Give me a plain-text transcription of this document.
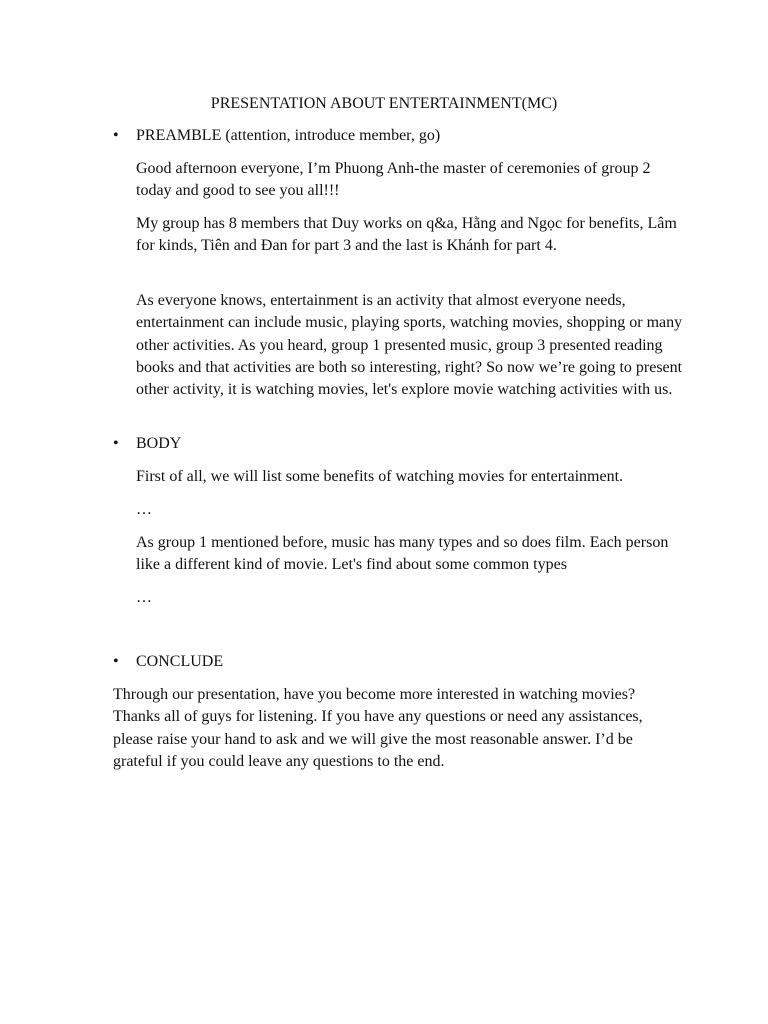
PRESENTATION ABOUT ENTERTAINMENT(MC)
• PREAMBLE (attention, introduce member, go)
Good afternoon everyone, I’m Phuong Anh-the master of ceremonies of group 2 today and good to see you all!!!
My group has 8 members that Duy works on q&a, Hằng and Ngọc for benefits, Lâm for kinds, Tiên and Đan for part 3 and the last is Khánh for part 4.
As everyone knows, entertainment is an activity that almost everyone needs, entertainment can include music, playing sports, watching movies, shopping or many other activities. As you heard, group 1 presented music, group 3 presented reading books and that activities are both so interesting, right? So now we’re going to present other activity, it is watching movies, let's explore movie watching activities with us.
• BODY
First of all, we will list some benefits of watching movies for entertainment.
…
As group 1 mentioned before, music has many types and so does film. Each person like a different kind of movie. Let's find about some common types
…
• CONCLUDE
Through our presentation, have you become more interested in watching movies? Thanks all of guys for listening. If you have any questions or need any assistances, please raise your hand to ask and we will give the most reasonable answer. I’d be grateful if you could leave any questions to the end.
